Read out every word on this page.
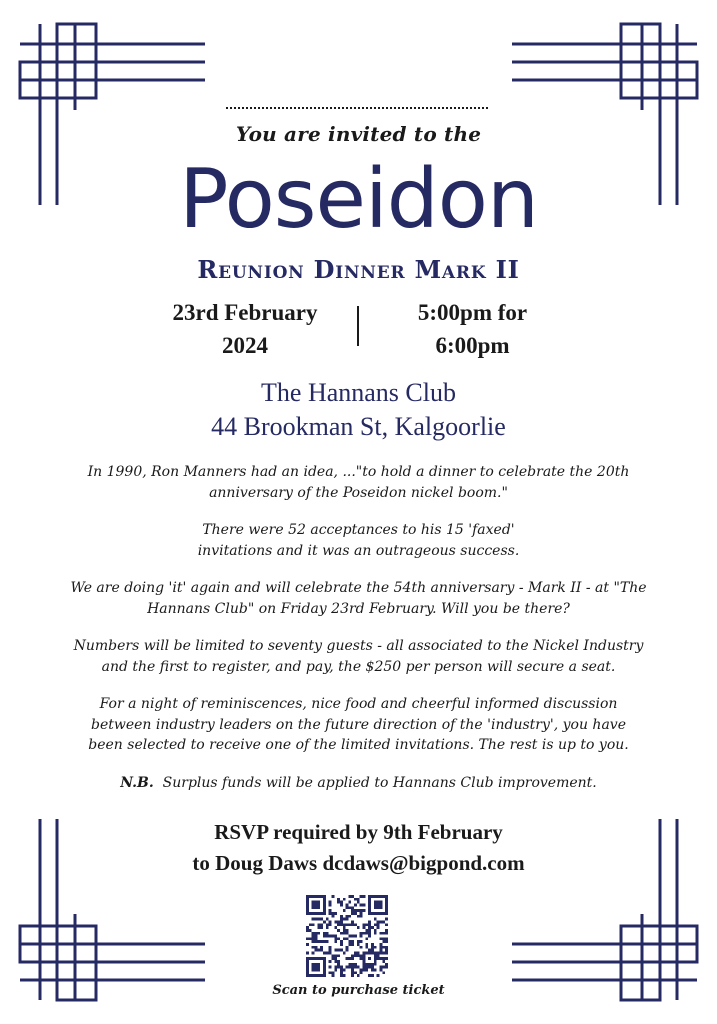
You are invited to the
Poseidon
Reunion Dinner Mark II
23rd February
2024
5:00pm for
6:00pm
The Hannans Club
44 Brookman St, Kalgoorlie

In 1990, Ron Manners had an idea, ..."to hold a dinner to celebrate the 20th anniversary of the Poseidon nickel boom."

There were 52 acceptances to his 15 'faxed' invitations and it was an outrageous success.

We are doing 'it' again and will celebrate the 54th anniversary - Mark II - at "The Hannans Club" on Friday 23rd February. Will you be there?

Numbers will be limited to seventy guests - all associated to the Nickel Industry and the first to register, and pay, the $250 per person will secure a seat.

For a night of reminiscences, nice food and cheerful informed discussion between industry leaders on the future direction of the 'industry', you have been selected to receive one of the limited invitations. The rest is up to you.

N.B. Surplus funds will be applied to Hannans Club improvement.

RSVP required by 9th February
to Doug Daws dcdaws@bigpond.com
Scan to purchase ticket
